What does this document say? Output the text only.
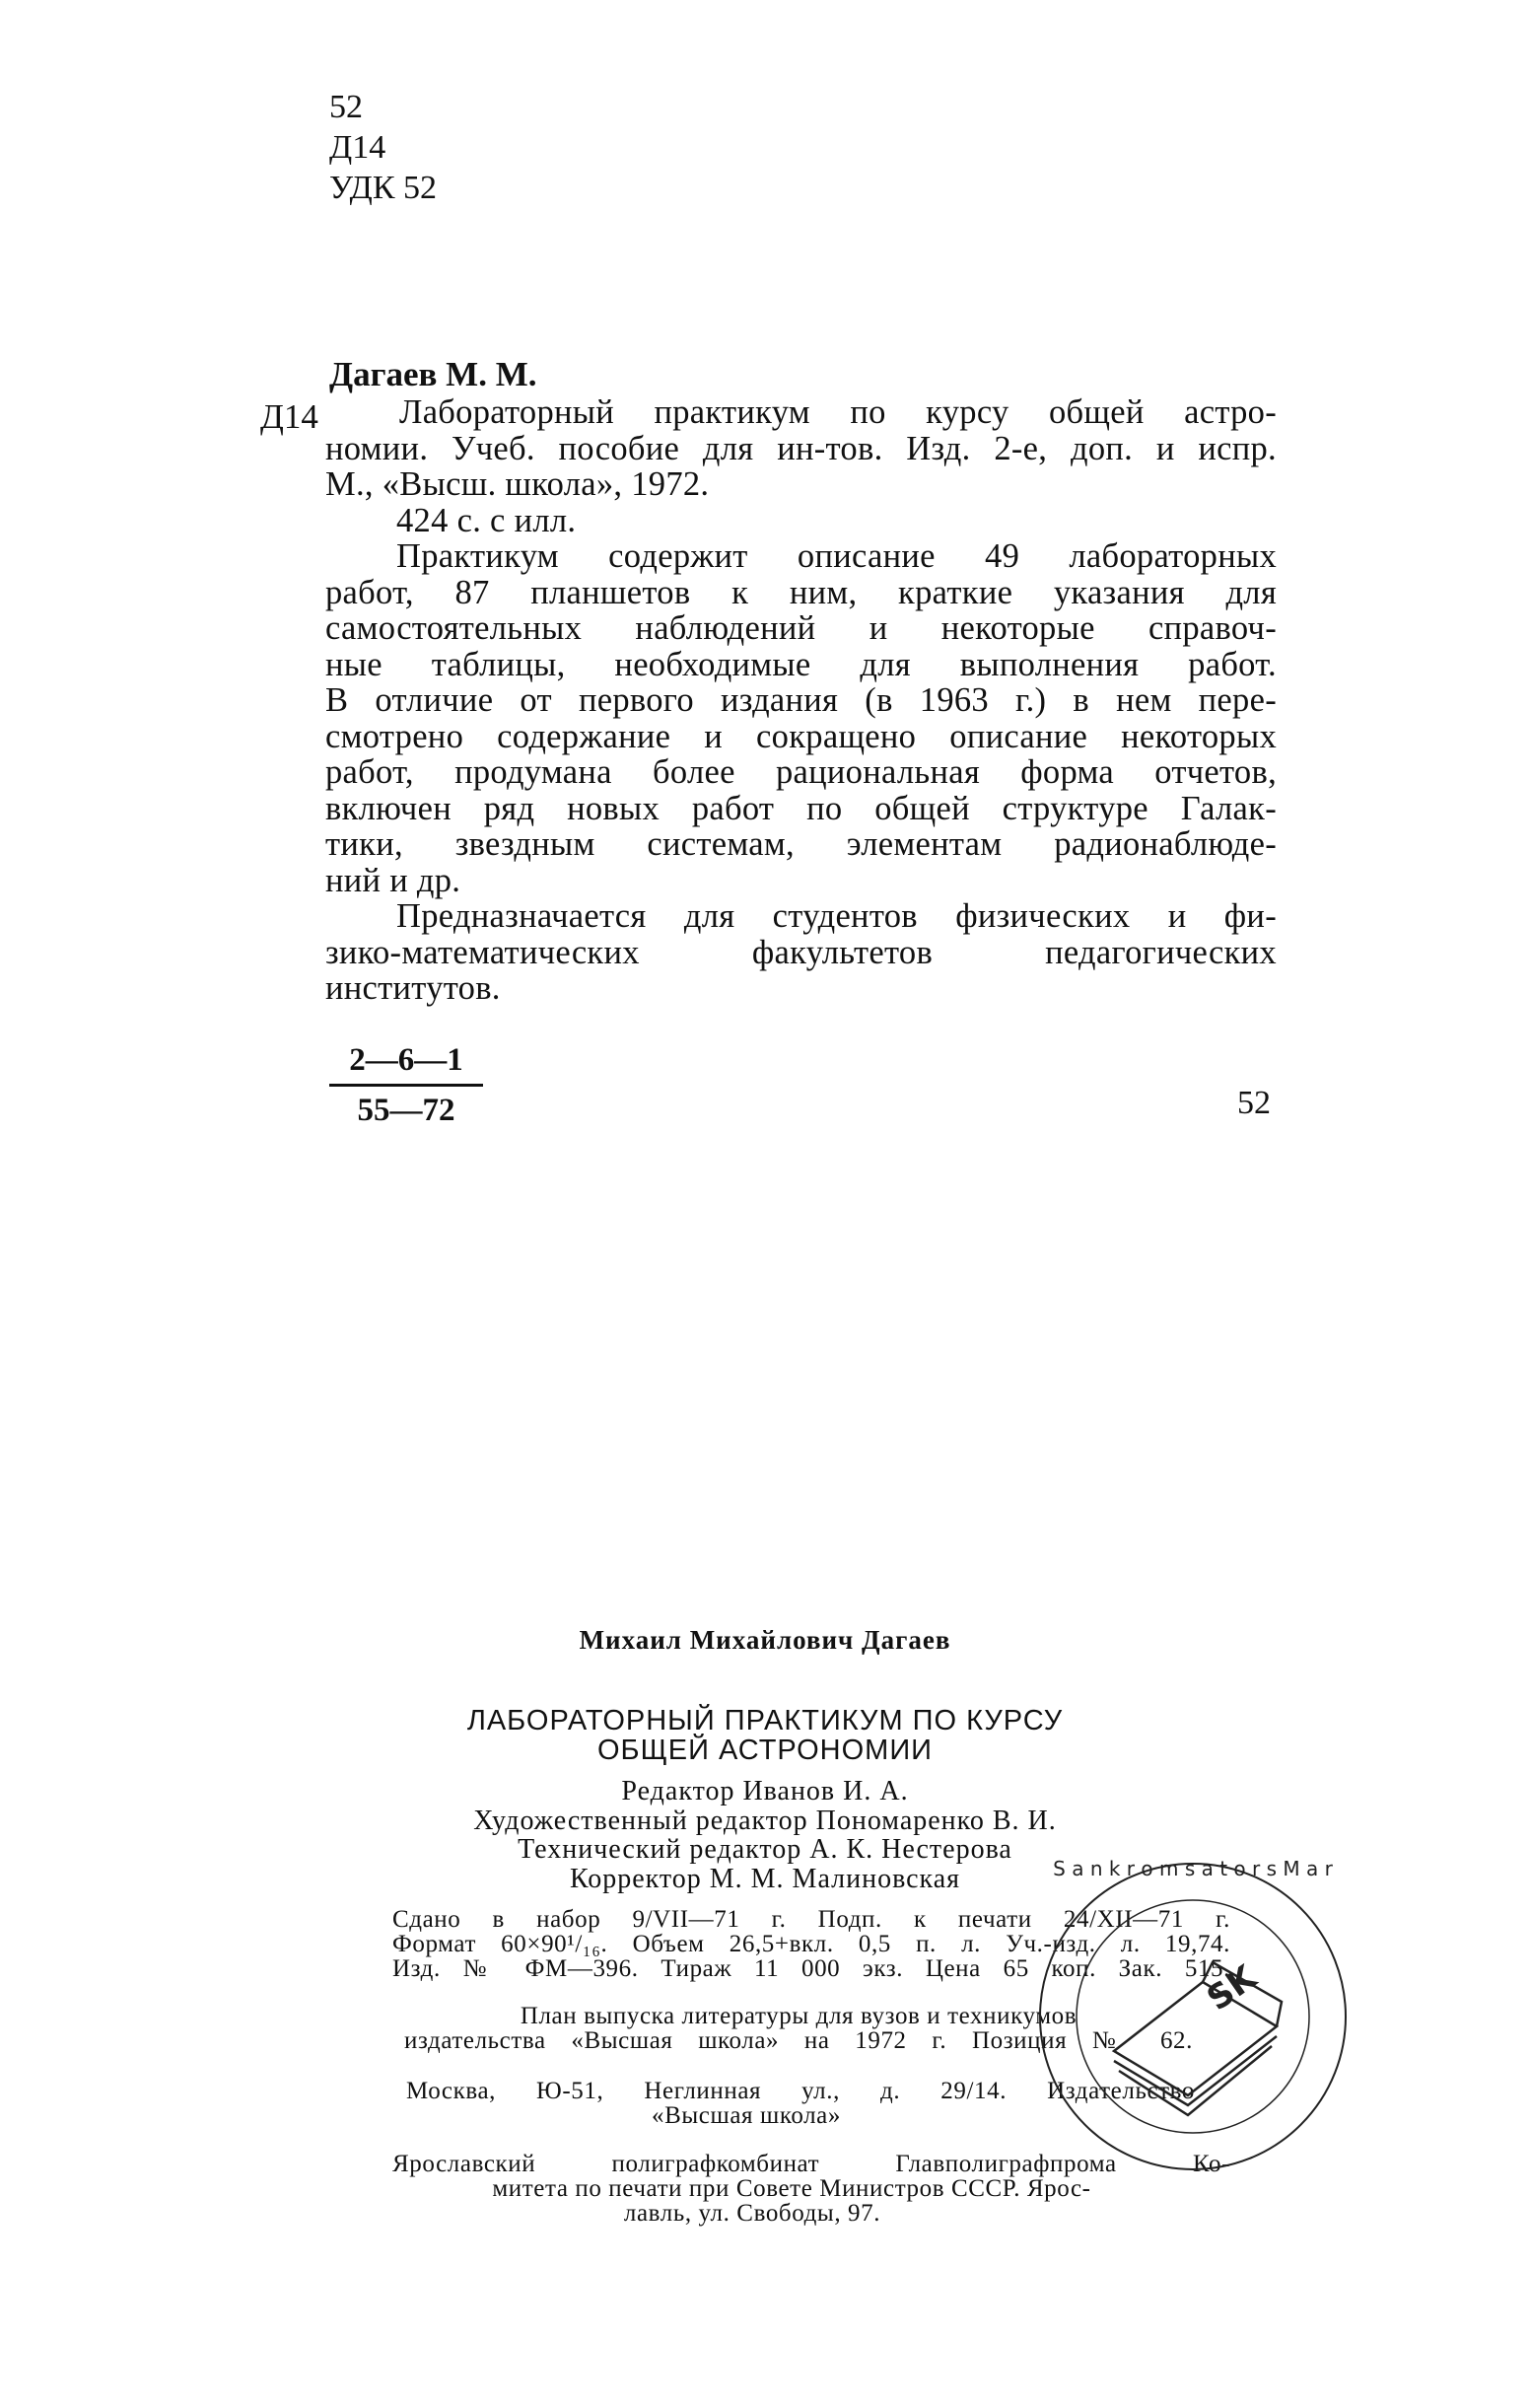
52
Д14
УДК 52
Дагаев М. М.
Д14	Лабораторный практикум по курсу общей астро-
номии. Учеб. пособие для ин-тов. Изд. 2-е, доп. и испр.
М., «Высш. школа», 1972.
424 с. с илл.
Практикум содержит описание 49 лабораторных
работ, 87 планшетов к ним, краткие указания для
самостоятельных наблюдений и некоторые справоч-
ные таблицы, необходимые для выполнения работ.
В отличие от первого издания (в 1963 г.) в нем пере-
смотрено содержание и сокращено описание некоторых
работ, продумана более рациональная форма отчетов,
включен ряд новых работ по общей структуре Галак-
тики, звездным системам, элементам радионаблюде-
ний и др.
Предназначается для студентов физических и фи-
зико-математических факультетов педагогических
институтов.
$\frac{2—6—1}{55—72}$	52
Михаил Михайлович Дагаев
ЛАБОРАТОРНЫЙ ПРАКТИКУМ ПО КУРСУ
ОБЩЕЙ АСТРОНОМИИ
Редактор Иванов И. А.
Художественный редактор Пономаренко В. И.
Технический редактор А. К. Нестерова
Корректор М. М. Малиновская
Сдано в набор 9/VII—71 г. Подп. к печати 24/XII—71 г.
Формат 60×90¹/₁₆. Объем 26,5+вкл. 0,5 п. л. Уч.-изд. л. 19,74.
Изд. № ФМ—396. Тираж 11 000 экз. Цена 65 коп. Зак. 515.
План выпуска литературы для вузов и техникумов
издательства «Высшая школа» на 1972 г. Позиция № 62.
Москва, Ю-51, Неглинная ул., д. 29/14. Издательство
«Высшая школа»
Ярославский полиграфкомбинат Главполиграфпрома Ко-
митета по печати при Совете Министров СССР. Ярос-
лавль, ул. Свободы, 97.
SK
S a n k r o m s a t o r s M a r
